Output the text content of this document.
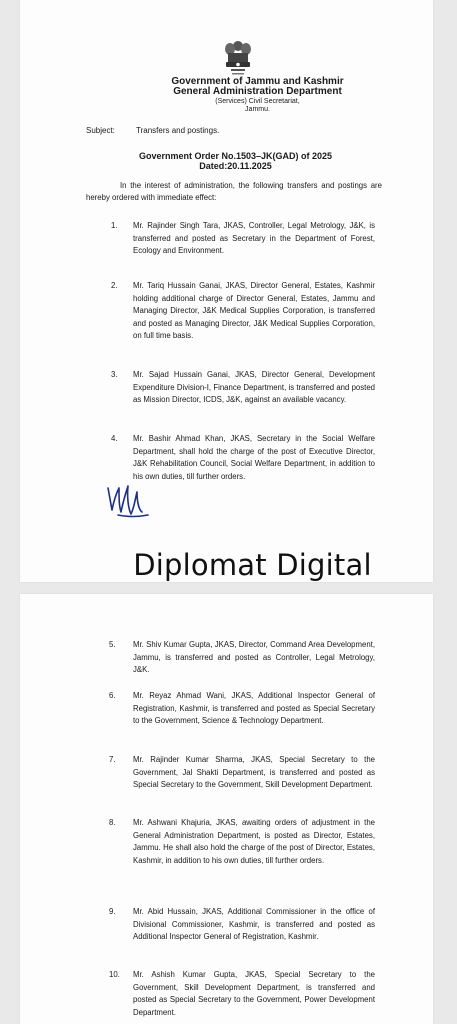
Government of Jammu and Kashmir
General Administration Department
(Services) Civil Secretariat,
Jammu.
Subject:	Transfers and postings.
Government Order No.1503–JK(GAD) of 2025
Dated:20.11.2025
In the interest of administration, the following transfers and postings are hereby ordered with immediate effect:
1.	Mr. Rajinder Singh Tara, JKAS, Controller, Legal Metrology, J&K, is transferred and posted as Secretary in the Department of Forest, Ecology and Environment.
2.	Mr. Tariq Hussain Ganai, JKAS, Director General, Estates, Kashmir holding additional charge of Director General, Estates, Jammu and Managing Director, J&K Medical Supplies Corporation, is transferred and posted as Managing Director, J&K Medical Supplies Corporation, on full time basis.
3.	Mr. Sajad Hussain Ganai, JKAS, Director General, Development Expenditure Division-I, Finance Department, is transferred and posted as Mission Director, ICDS, J&K, against an available vacancy.
4.	Mr. Bashir Ahmad Khan, JKAS, Secretary in the Social Welfare Department, shall hold the charge of the post of Executive Director, J&K Rehabilitation Council, Social Welfare Department, in addition to his own duties, till further orders.
Diplomat Digital
5.	Mr. Shiv Kumar Gupta, JKAS, Director, Command Area Development, Jammu, is transferred and posted as Controller, Legal Metrology, J&K.
6.	Mr. Reyaz Ahmad Wani, JKAS, Additional Inspector General of Registration, Kashmir, is transferred and posted as Special Secretary to the Government, Science & Technology Department.
7.	Mr. Rajinder Kumar Sharma, JKAS, Special Secretary to the Government, Jal Shakti Department, is transferred and posted as Special Secretary to the Government, Skill Development Department.
8.	Mr. Ashwani Khajuria, JKAS, awaiting orders of adjustment in the General Administration Department, is posted as Director, Estates, Jammu. He shall also hold the charge of the post of Director, Estates, Kashmir, in addition to his own duties, till further orders.
9.	Mr. Abid Hussain, JKAS, Additional Commissioner in the office of Divisional Commissioner, Kashmir, is transferred and posted as Additional Inspector General of Registration, Kashmir.
10.	Mr. Ashish Kumar Gupta, JKAS, Special Secretary to the Government, Skill Development Department, is transferred and posted as Special Secretary to the Government, Power Development Department.
